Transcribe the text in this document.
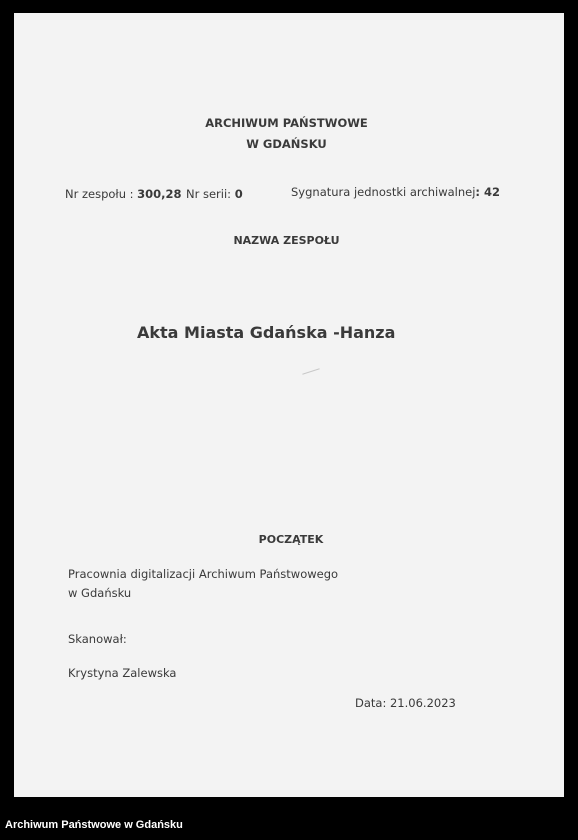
ARCHIWUM PAŃSTWOWE
W GDAŃSKU
Nr zespołu : 300,28 Nr serii: 0	Sygnatura jednostki archiwalnej: 42
NAZWA ZESPOŁU
Akta Miasta Gdańska -Hanza
POCZĄTEK
Pracownia digitalizacji Archiwum Państwowego
w Gdańsku
Skanował:
Krystyna Zalewska
Data: 21.06.2023
Archiwum Państwowe w Gdańsku
